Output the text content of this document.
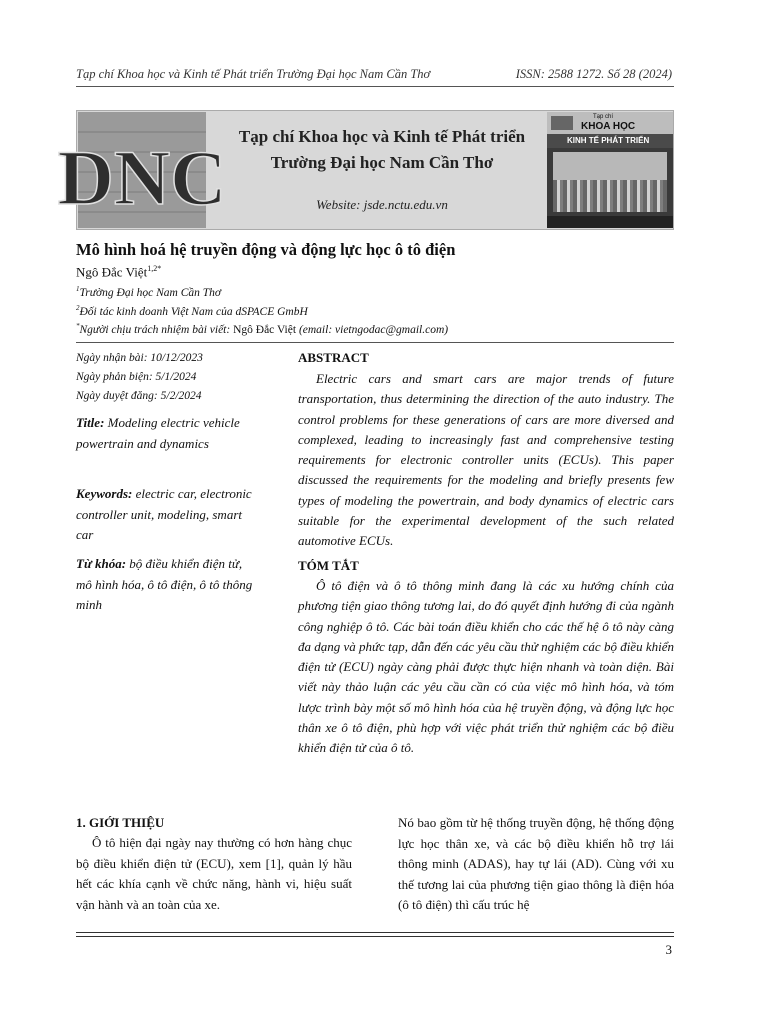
Tạp chí Khoa học và Kinh tế Phát triển Trường Đại học Nam Cần Thơ	ISSN: 2588 1272. Số 28 (2024)
DNC Tạp chí Khoa học và Kinh tế Phát triển
Trường Đại học Nam Cần Thơ
Website: jsde.nctu.edu.vn
Tạp chí
KHOA HỌC
KINH TẾ PHÁT TRIỂN
Mô hình hoá hệ truyền động và động lực học ô tô điện
Ngô Đắc Việt$^{1,2*}$
$^1$Trường Đại học Nam Cần Thơ
$^2$Đối tác kinh doanh Việt Nam của dSPACE GmbH
*Người chịu trách nhiệm bài viết: Ngô Đắc Việt (email: vietngodac@gmail.com)
Ngày nhận bài: 10/12/2023
Ngày phản biện: 5/1/2024
Ngày duyệt đăng: 5/2/2024
Title: Modeling electric vehicle powertrain and dynamics
Keywords: electric car, electronic controller unit, modeling, smart car
Từ khóa: bộ điều khiển điện tử, mô hình hóa, ô tô điện, ô tô thông minh
ABSTRACT
Electric cars and smart cars are major trends of future transportation, thus determining the direction of the auto industry. The control problems for these generations of cars are more diversed and complexed, leading to increasingly fast and comprehensive testing requirements for electronic controller units (ECUs). This paper discussed the requirements for the modeling and briefly presents few types of modeling the powertrain, and body dynamics of electric cars suitable for the experimental development of the such related automotive ECUs.
TÓM TẮT
Ô tô điện và ô tô thông minh đang là các xu hướng chính của phương tiện giao thông tương lai, do đó quyết định hướng đi của ngành công nghiệp ô tô. Các bài toán điều khiển cho các thế hệ ô tô này càng đa dạng và phức tạp, dẫn đến các yêu cầu thử nghiệm các bộ điều khiển điện tử (ECU) ngày càng phải được thực hiện nhanh và toàn diện. Bài viết này thảo luận các yêu cầu cần có của việc mô hình hóa, và tóm lược trình bày một số mô hình hóa của hệ truyền động, và động lực học thân xe ô tô điện, phù hợp với việc phát triển thử nghiệm các bộ điều khiển điện tử của ô tô.
1. GIỚI THIỆU
Ô tô hiện đại ngày nay thường có hơn hàng chục bộ điều khiển điện tử (ECU), xem [1], quản lý hầu hết các khía cạnh về chức năng, hành vi, hiệu suất vận hành và an toàn của xe.
Nó bao gồm từ hệ thống truyền động, hệ thống động lực học thân xe, và các bộ điều khiển hỗ trợ lái thông minh (ADAS), hay tự lái (AD). Cùng với xu thế tương lai của phương tiện giao thông là điện hóa (ô tô điện) thì cấu trúc hệ
3
